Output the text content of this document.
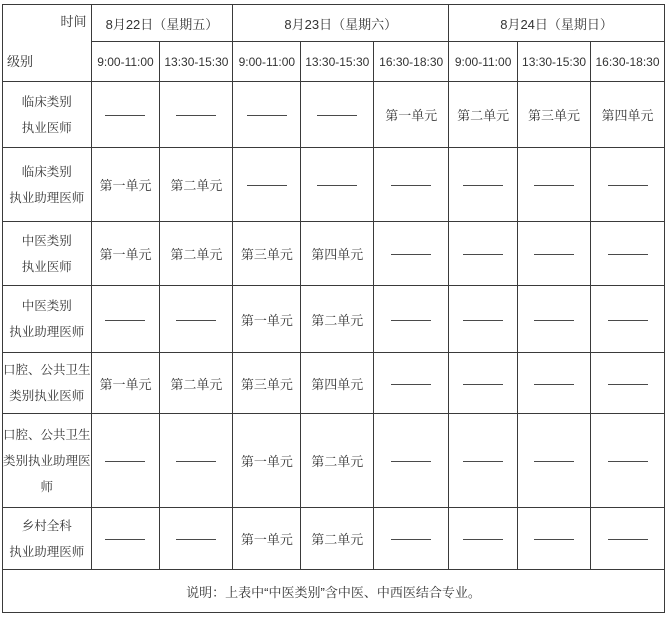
时间
级别	8月22日（星期五）		8月23日（星期六）			8月24日（星期日）		
	9:00-11:00	13:30-15:30	9:00-11:00	13:30-15:30	16:30-18:30	9:00-11:00	13:30-15:30	16:30-18:30

临床类别
执业医师					第一单元	第二单元	第三单元	第四单元

临床类别
执业助理医师	第一单元	第二单元						

中医类别
执业医师	第一单元	第二单元	第三单元	第四单元				

中医类别
执业助理医师			第一单元	第二单元				

口腔、公共卫生
类别执业医师	第一单元	第二单元	第三单元	第四单元				

口腔、公共卫生
类别执业助理医
师			第一单元	第二单元				

乡村全科
执业助理医师			第一单元	第二单元				
说明：上表中“中医类别”含中医、中西医结合专业。								
